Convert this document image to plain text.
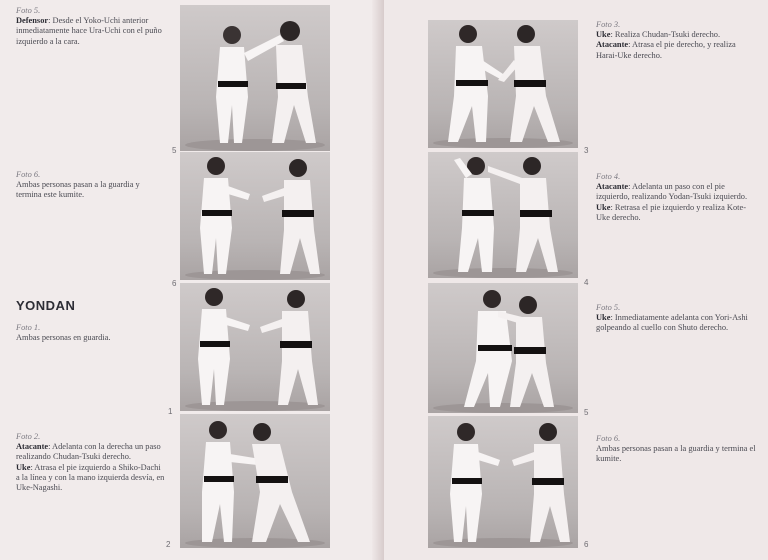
Foto 5.

Defensor: Desde el Yoko-Uchi anterior inmediatamente hace Ura-Uchi con el puño izquierdo a la cara.

Foto 6.

Ambas personas pasan a la guardia y termina este kumite.

YONDAN
Foto 1.

Ambas personas en guardia.

Foto 2.

Atacante: Adelanta con la derecha un paso realizando Chudan-Tsuki derecho.

Uke: Atrasa el pie izquierdo a Shiko-Dachi a la línea y con la mano izquierda desvía, en Uke-Nagashi.

5
6
1
2
3
4
5
6
Foto 3.

Uke: Realiza Chudan-Tsuki derecho.

Atacante: Atrasa el pie derecho, y realiza Harai-Uke derecho.

Foto 4.

Atacante: Adelanta un paso con el pie izquierdo, realizando Yodan-Tsuki izquierdo.

Uke: Retrasa el pie izquierdo y realiza Kote-Uke derecho.

Foto 5.

Uke: Inmediatamente adelanta con Yori-Ashi golpeando al cuello con Shuto derecho.

Foto 6.

Ambas personas pasan a la guardia y termina el kumite.
